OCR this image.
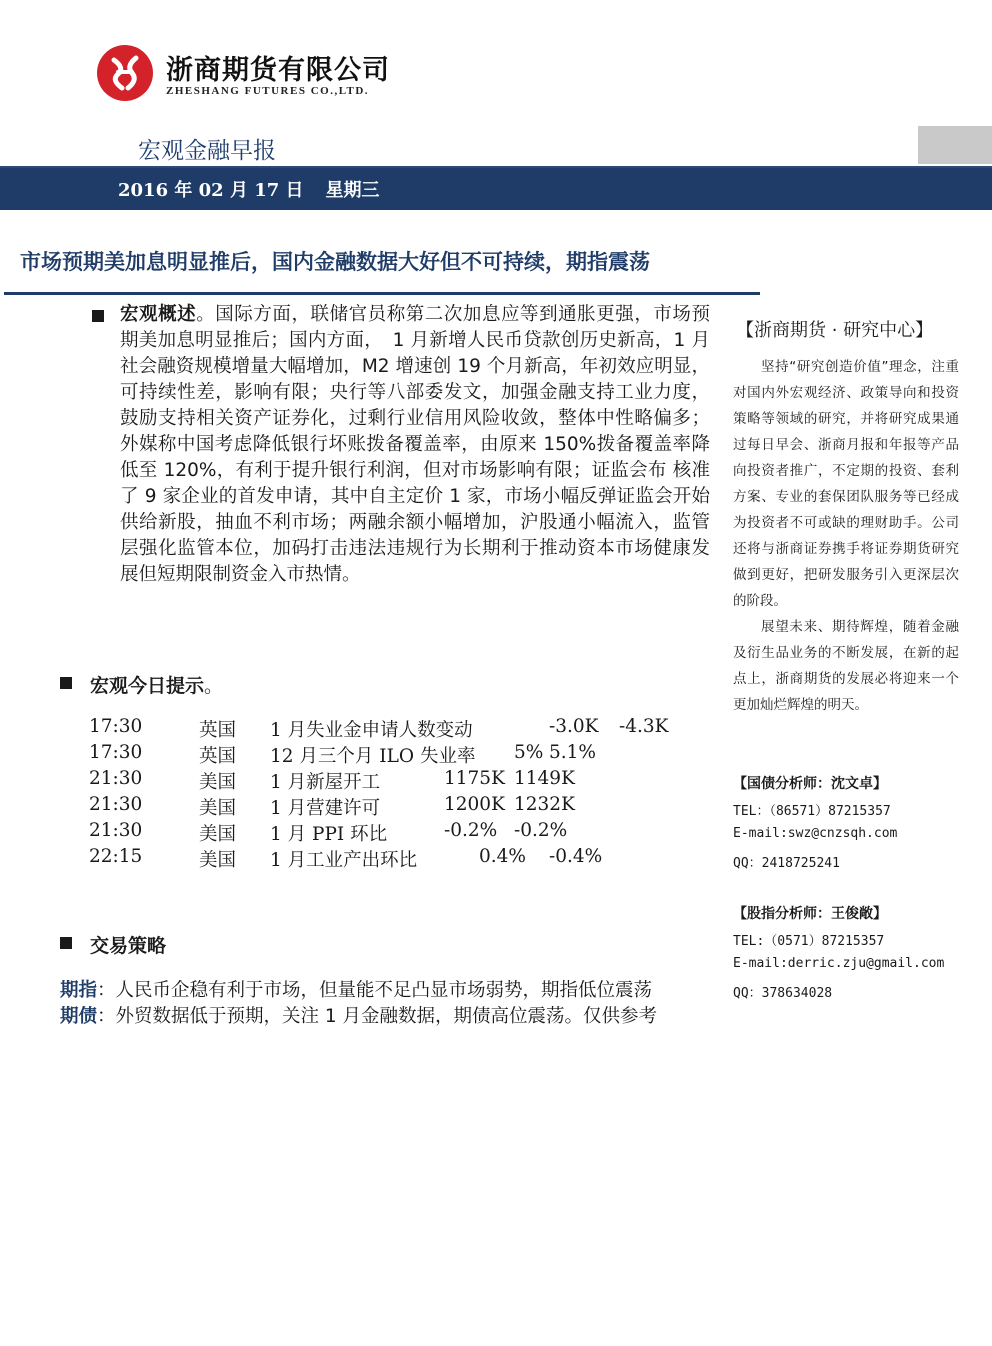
浙商期货有限公司
ZHESHANG FUTURES CO.,LTD.
宏观金融早报
2016 年 02 月 17 日 星期三
市场预期美加息明显推后，国内金融数据大好但不可持续，期指震荡
宏观概述。国际方面，联储官员称第二次加息应等到通胀更强，市场预期美加息明显推后；国内方面，　1 月新增人民币贷款创历史新高，1 月社会融资规模增量大幅增加，M2 增速创 19 个月新高，年初效应明显，可持续性差，影响有限；央行等八部委发文，加强金融支持工业力度，鼓励支持相关资产证券化，过剩行业信用风险收敛，整体中性略偏多；外媒称中国考虑降低银行坏账拨备覆盖率，由原来 150%拨备覆盖率降低至 120%，有利于提升银行利润，但对市场影响有限；证监会布 核准了 9 家企业的首发申请，其中自主定价 1 家，市场小幅反弹证监会开始供给新股，抽血不利市场；两融余额小幅增加，沪股通小幅流入，监管层强化监管本位，加码打击违法违规行为长期利于推动资本市场健康发展但短期限制资金入市热情。
宏观今日提示。
17:30	英国 1 月失业金申请人数变动	-3.0K -4.3K
17:30	英国 12 月三个月 ILO 失业率 5% 5.1%
21:30	美国 1 月新屋开工	1175K 1149K
21:30	美国 1 月营建许可	1200K 1232K
21:30	美国 1 月 PPI 环比	-0.2% -0.2%
22:15	美国 1 月工业产出环比	0.4% -0.4%
交易策略
期指：人民币企稳有利于市场，但量能不足凸显市场弱势，期指低位震荡
期债：外贸数据低于预期，关注 1 月金融数据，期债高位震荡。仅供参考
【浙商期货 · 研究中心】
坚持“研究创造价值”理念，注重对国内外宏观经济、政策导向和投资策略等领域的研究，并将研究成果通过每日早会、浙商月报和年报等产品向投资者推广，不定期的投资、套利方案、专业的套保团队服务等已经成为投资者不可或缺的理财助手。公司还将与浙商证券携手将证券期货研究做到更好，把研发服务引入更深层次的阶段。
展望未来、期待辉煌，随着金融及衍生品业务的不断发展，在新的起点上，浙商期货的发展必将迎来一个更加灿烂辉煌的明天。
【国债分析师：沈文卓】
TEL：（86571）87215357
E-mail:swz@cnzsqh.com
QQ：2418725241
【股指分析师：王俊敞】
TEL:（0571）87215357
E-mail:derric.zju@gmail.com
QQ：378634028
